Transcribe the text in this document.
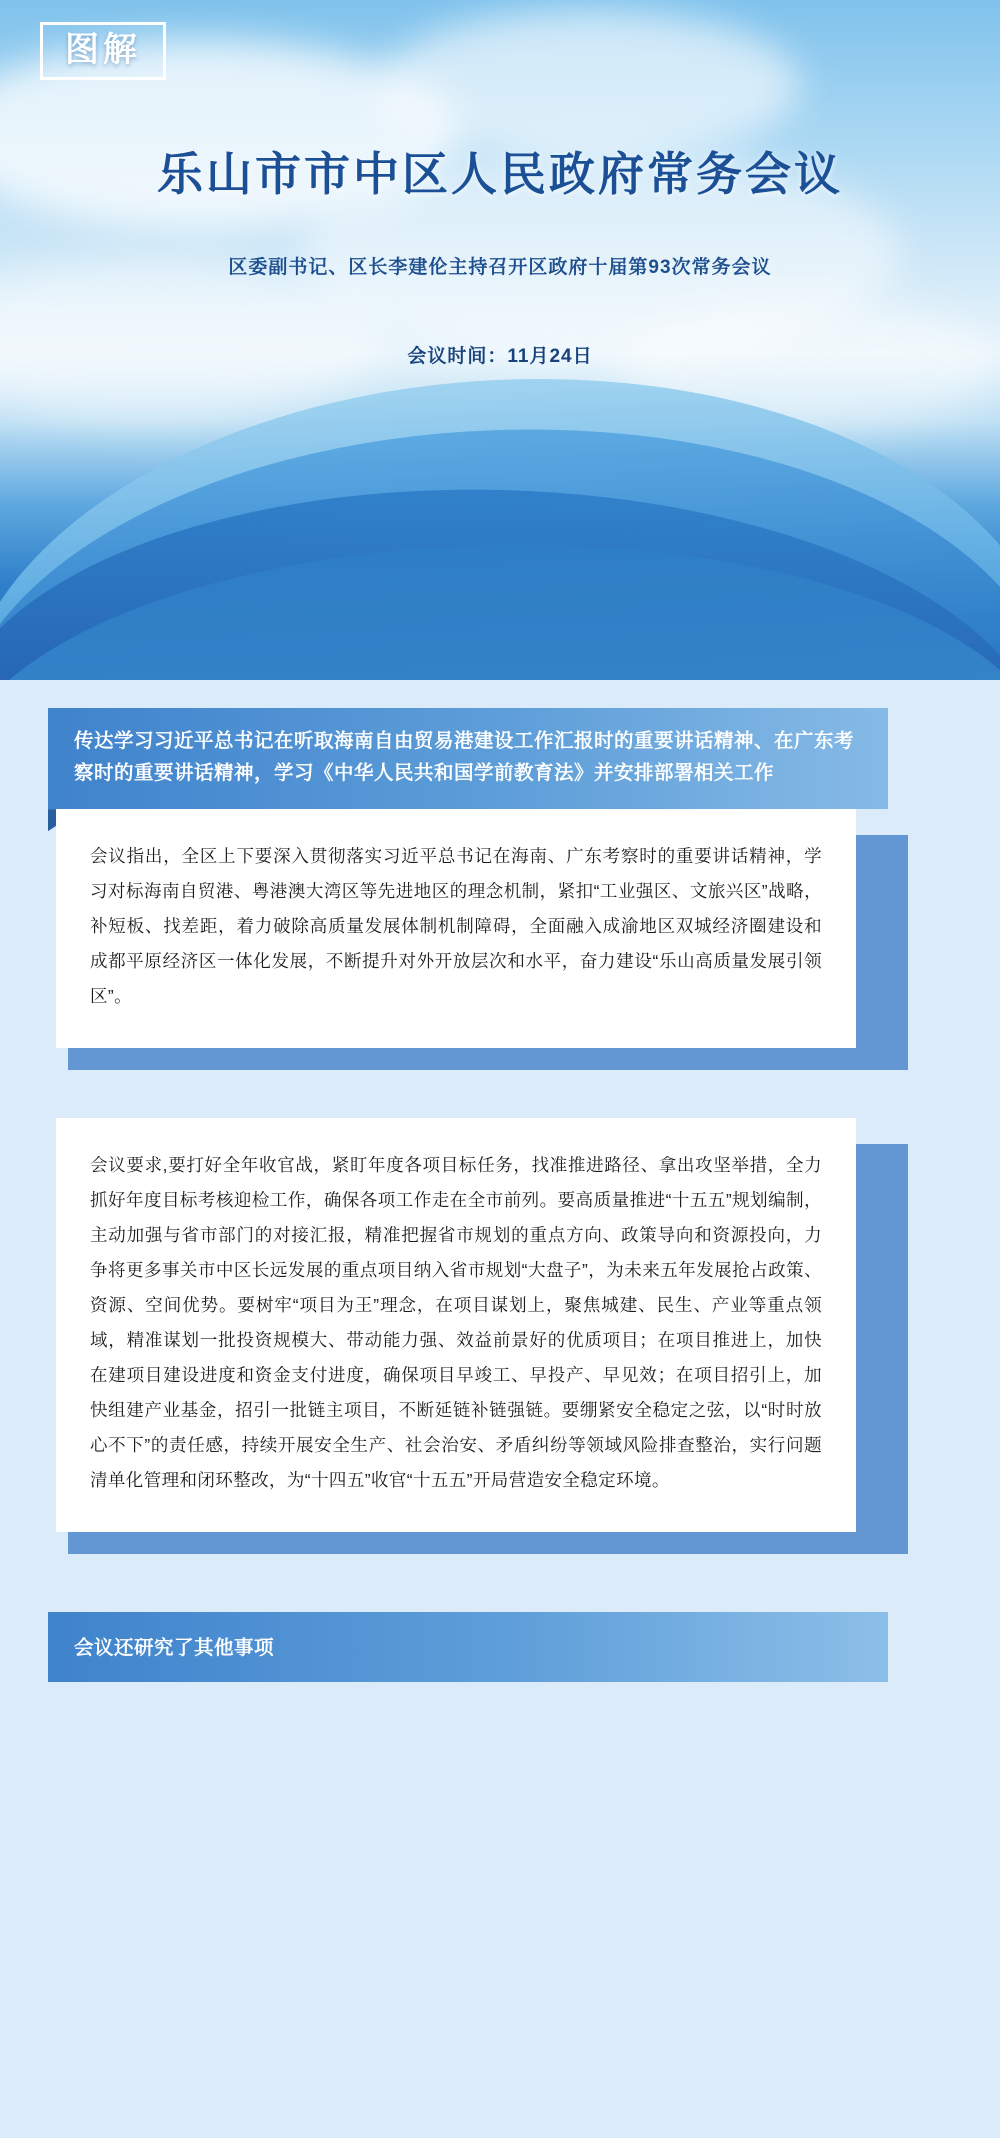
图解
乐山市市中区人民政府常务会议
区委副书记、区长李建伦主持召开区政府十届第93次常务会议
会议时间：11月24日
传达学习习近平总书记在听取海南自由贸易港建设工作汇报时的重要讲话精神、在广东考察时的重要讲话精神，学习《中华人民共和国学前教育法》并安排部署相关工作
会议指出，全区上下要深入贯彻落实习近平总书记在海南、广东考察时的重要讲话精神，学习对标海南自贸港、粤港澳大湾区等先进地区的理念机制，紧扣“工业强区、文旅兴区”战略，补短板、找差距，着力破除高质量发展体制机制障碍，全面融入成渝地区双城经济圈建设和成都平原经济区一体化发展，不断提升对外开放层次和水平，奋力建设“乐山高质量发展引领区”。
会议要求,要打好全年收官战，紧盯年度各项目标任务，找准推进路径、拿出攻坚举措，全力抓好年度目标考核迎检工作，确保各项工作走在全市前列。要高质量推进“十五五”规划编制，主动加强与省市部门的对接汇报，精准把握省市规划的重点方向、政策导向和资源投向，力争将更多事关市中区长远发展的重点项目纳入省市规划“大盘子”，为未来五年发展抢占政策、资源、空间优势。要树牢“项目为王”理念，在项目谋划上，聚焦城建、民生、产业等重点领域，精准谋划一批投资规模大、带动能力强、效益前景好的优质项目；在项目推进上，加快在建项目建设进度和资金支付进度，确保项目早竣工、早投产、早见效；在项目招引上，加快组建产业基金，招引一批链主项目，不断延链补链强链。要绷紧安全稳定之弦，以“时时放心不下”的责任感，持续开展安全生产、社会治安、矛盾纠纷等领域风险排查整治，实行问题清单化管理和闭环整改，为“十四五”收官“十五五”开局营造安全稳定环境。
会议还研究了其他事项
